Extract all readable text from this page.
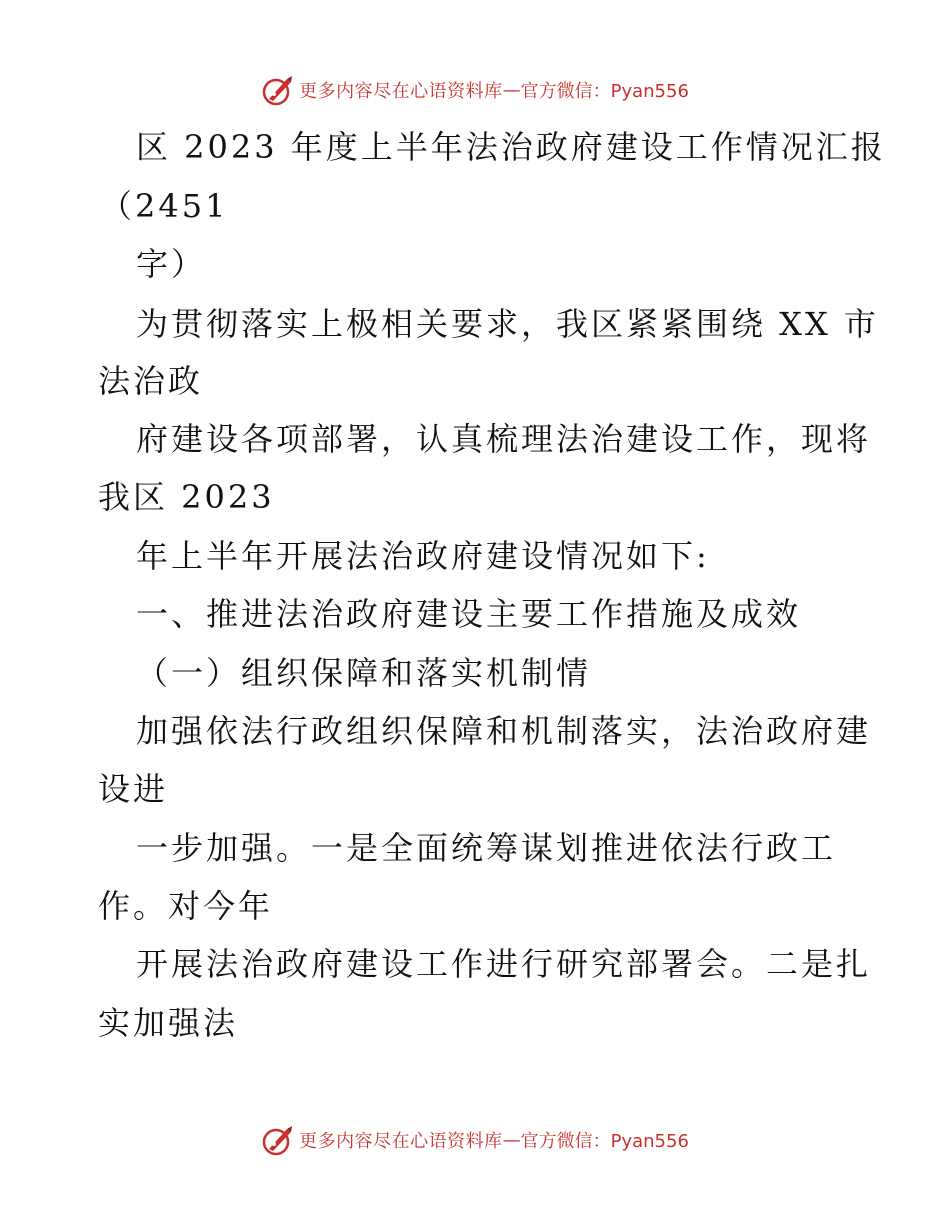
更多内容尽在心语资料库 — 官方微信：Pyan556
区 2023 年度上半年法治政府建设工作情况汇报
（2451
字）
为贯彻落实上极相关要求，我区紧紧围绕 XX 市
法治政
府建设各项部署，认真梳理法治建设工作，现将
我区 2023
年上半年开展法治政府建设情况如下:
一、推进法治政府建设主要工作措施及成效
（一）组织保障和落实机制情
加强依法行政组织保障和机制落实，法治政府建
设进
一步加强。一是全面统筹谋划推进依法行政工
作。对今年
开展法治政府建设工作进行研究部署会。二是扎
实加强法
更多内容尽在心语资料库 — 官方微信：Pyan556
